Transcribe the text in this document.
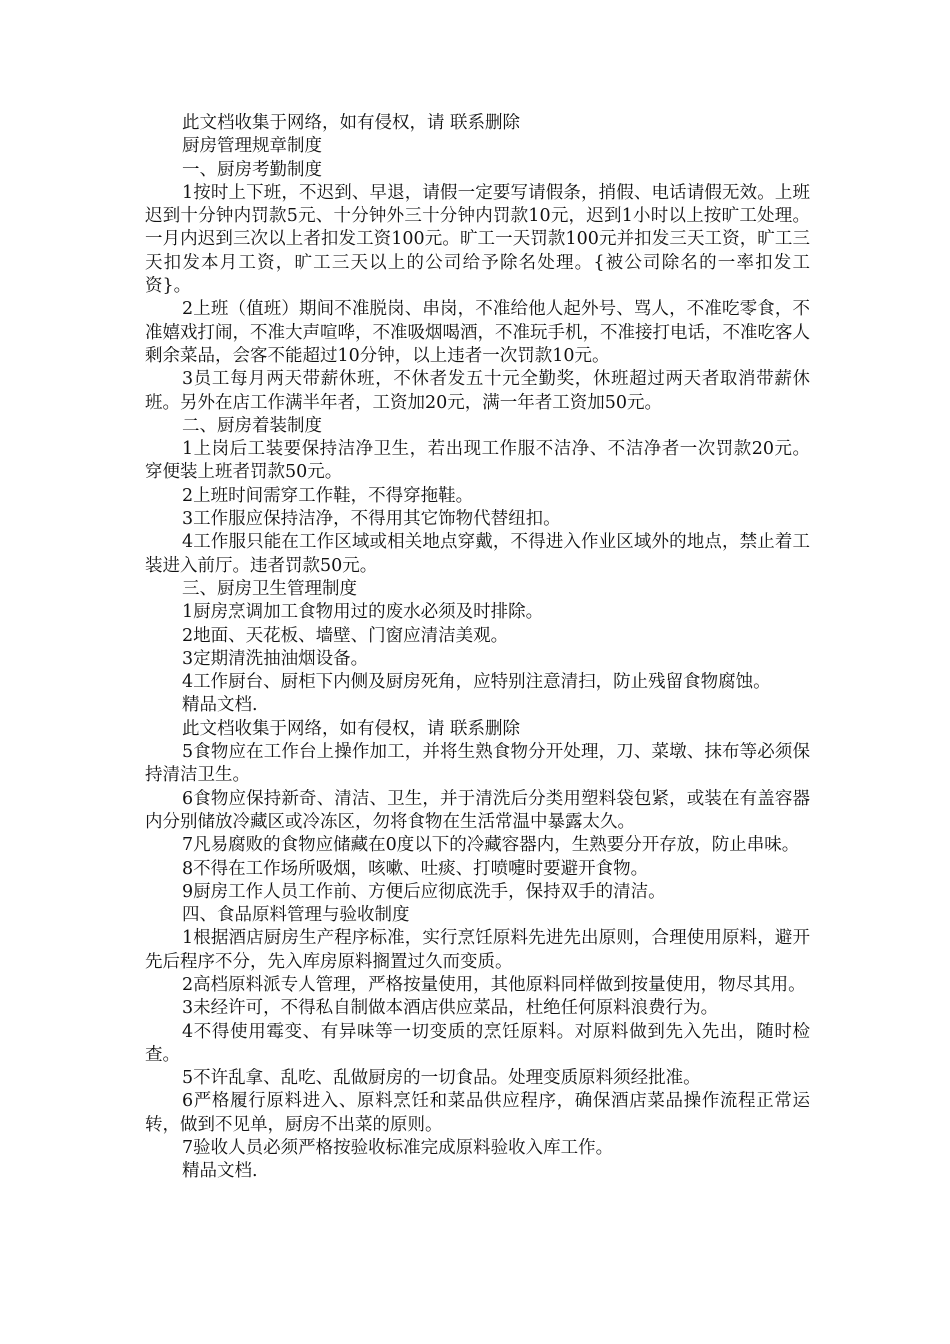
此文档收集于网络，如有侵权，请 联系删除

厨房管理规章制度

一、厨房考勤制度

1按时上下班，不迟到、早退，请假一定要写请假条，捎假、电话请假无效。上班迟到十分钟内罚款5元、十分钟外三十分钟内罚款10元，迟到1小时以上按旷工处理。一月内迟到三次以上者扣发工资100元。旷工一天罚款100元并扣发三天工资，旷工三天扣发本月工资，旷工三天以上的公司给予除名处理。{被公司除名的一率扣发工资}。

2上班（值班）期间不准脱岗、串岗，不准给他人起外号、骂人，不准吃零食，不准嬉戏打闹，不准大声喧哗，不准吸烟喝酒，不准玩手机，不准接打电话，不准吃客人剩余菜品，会客不能超过10分钟，以上违者一次罚款10元。

3员工每月两天带薪休班，不休者发五十元全勤奖，休班超过两天者取消带薪休班。另外在店工作满半年者，工资加20元，满一年者工资加50元。

二、厨房着装制度

1上岗后工装要保持洁净卫生，若出现工作服不洁净、不洁净者一次罚款20元。穿便装上班者罚款50元。

2上班时间需穿工作鞋，不得穿拖鞋。

3工作服应保持洁净，不得用其它饰物代替纽扣。

4工作服只能在工作区域或相关地点穿戴，不得进入作业区域外的地点，禁止着工装进入前厅。违者罚款50元。

三、厨房卫生管理制度

1厨房烹调加工食物用过的废水必须及时排除。

2地面、天花板、墙壁、门窗应清洁美观。

3定期清洗抽油烟设备。

4工作厨台、厨柜下内侧及厨房死角，应特别注意清扫，防止残留食物腐蚀。

精品文档.

此文档收集于网络，如有侵权，请 联系删除

5食物应在工作台上操作加工，并将生熟食物分开处理，刀、菜墩、抹布等必须保持清洁卫生。

6食物应保持新奇、清洁、卫生，并于清洗后分类用塑料袋包紧，或装在有盖容器内分别储放冷藏区或冷冻区，勿将食物在生活常温中暴露太久。

7凡易腐败的食物应储藏在0度以下的冷藏容器内，生熟要分开存放，防止串味。

8不得在工作场所吸烟，咳嗽、吐痰、打喷嚏时要避开食物。

9厨房工作人员工作前、方便后应彻底洗手，保持双手的清洁。

四、食品原料管理与验收制度

1根据酒店厨房生产程序标准，实行烹饪原料先进先出原则，合理使用原料，避开先后程序不分，先入库房原料搁置过久而变质。

2高档原料派专人管理，严格按量使用，其他原料同样做到按量使用，物尽其用。

3未经许可，不得私自制做本酒店供应菜品，杜绝任何原料浪费行为。

4不得使用霉变、有异味等一切变质的烹饪原料。对原料做到先入先出，随时检查。

5不许乱拿、乱吃、乱做厨房的一切食品。处理变质原料须经批准。

6严格履行原料进入、原料烹饪和菜品供应程序，确保酒店菜品操作流程正常运转，做到不见单，厨房不出菜的原则。

7验收人员必须严格按验收标准完成原料验收入库工作。

精品文档.
